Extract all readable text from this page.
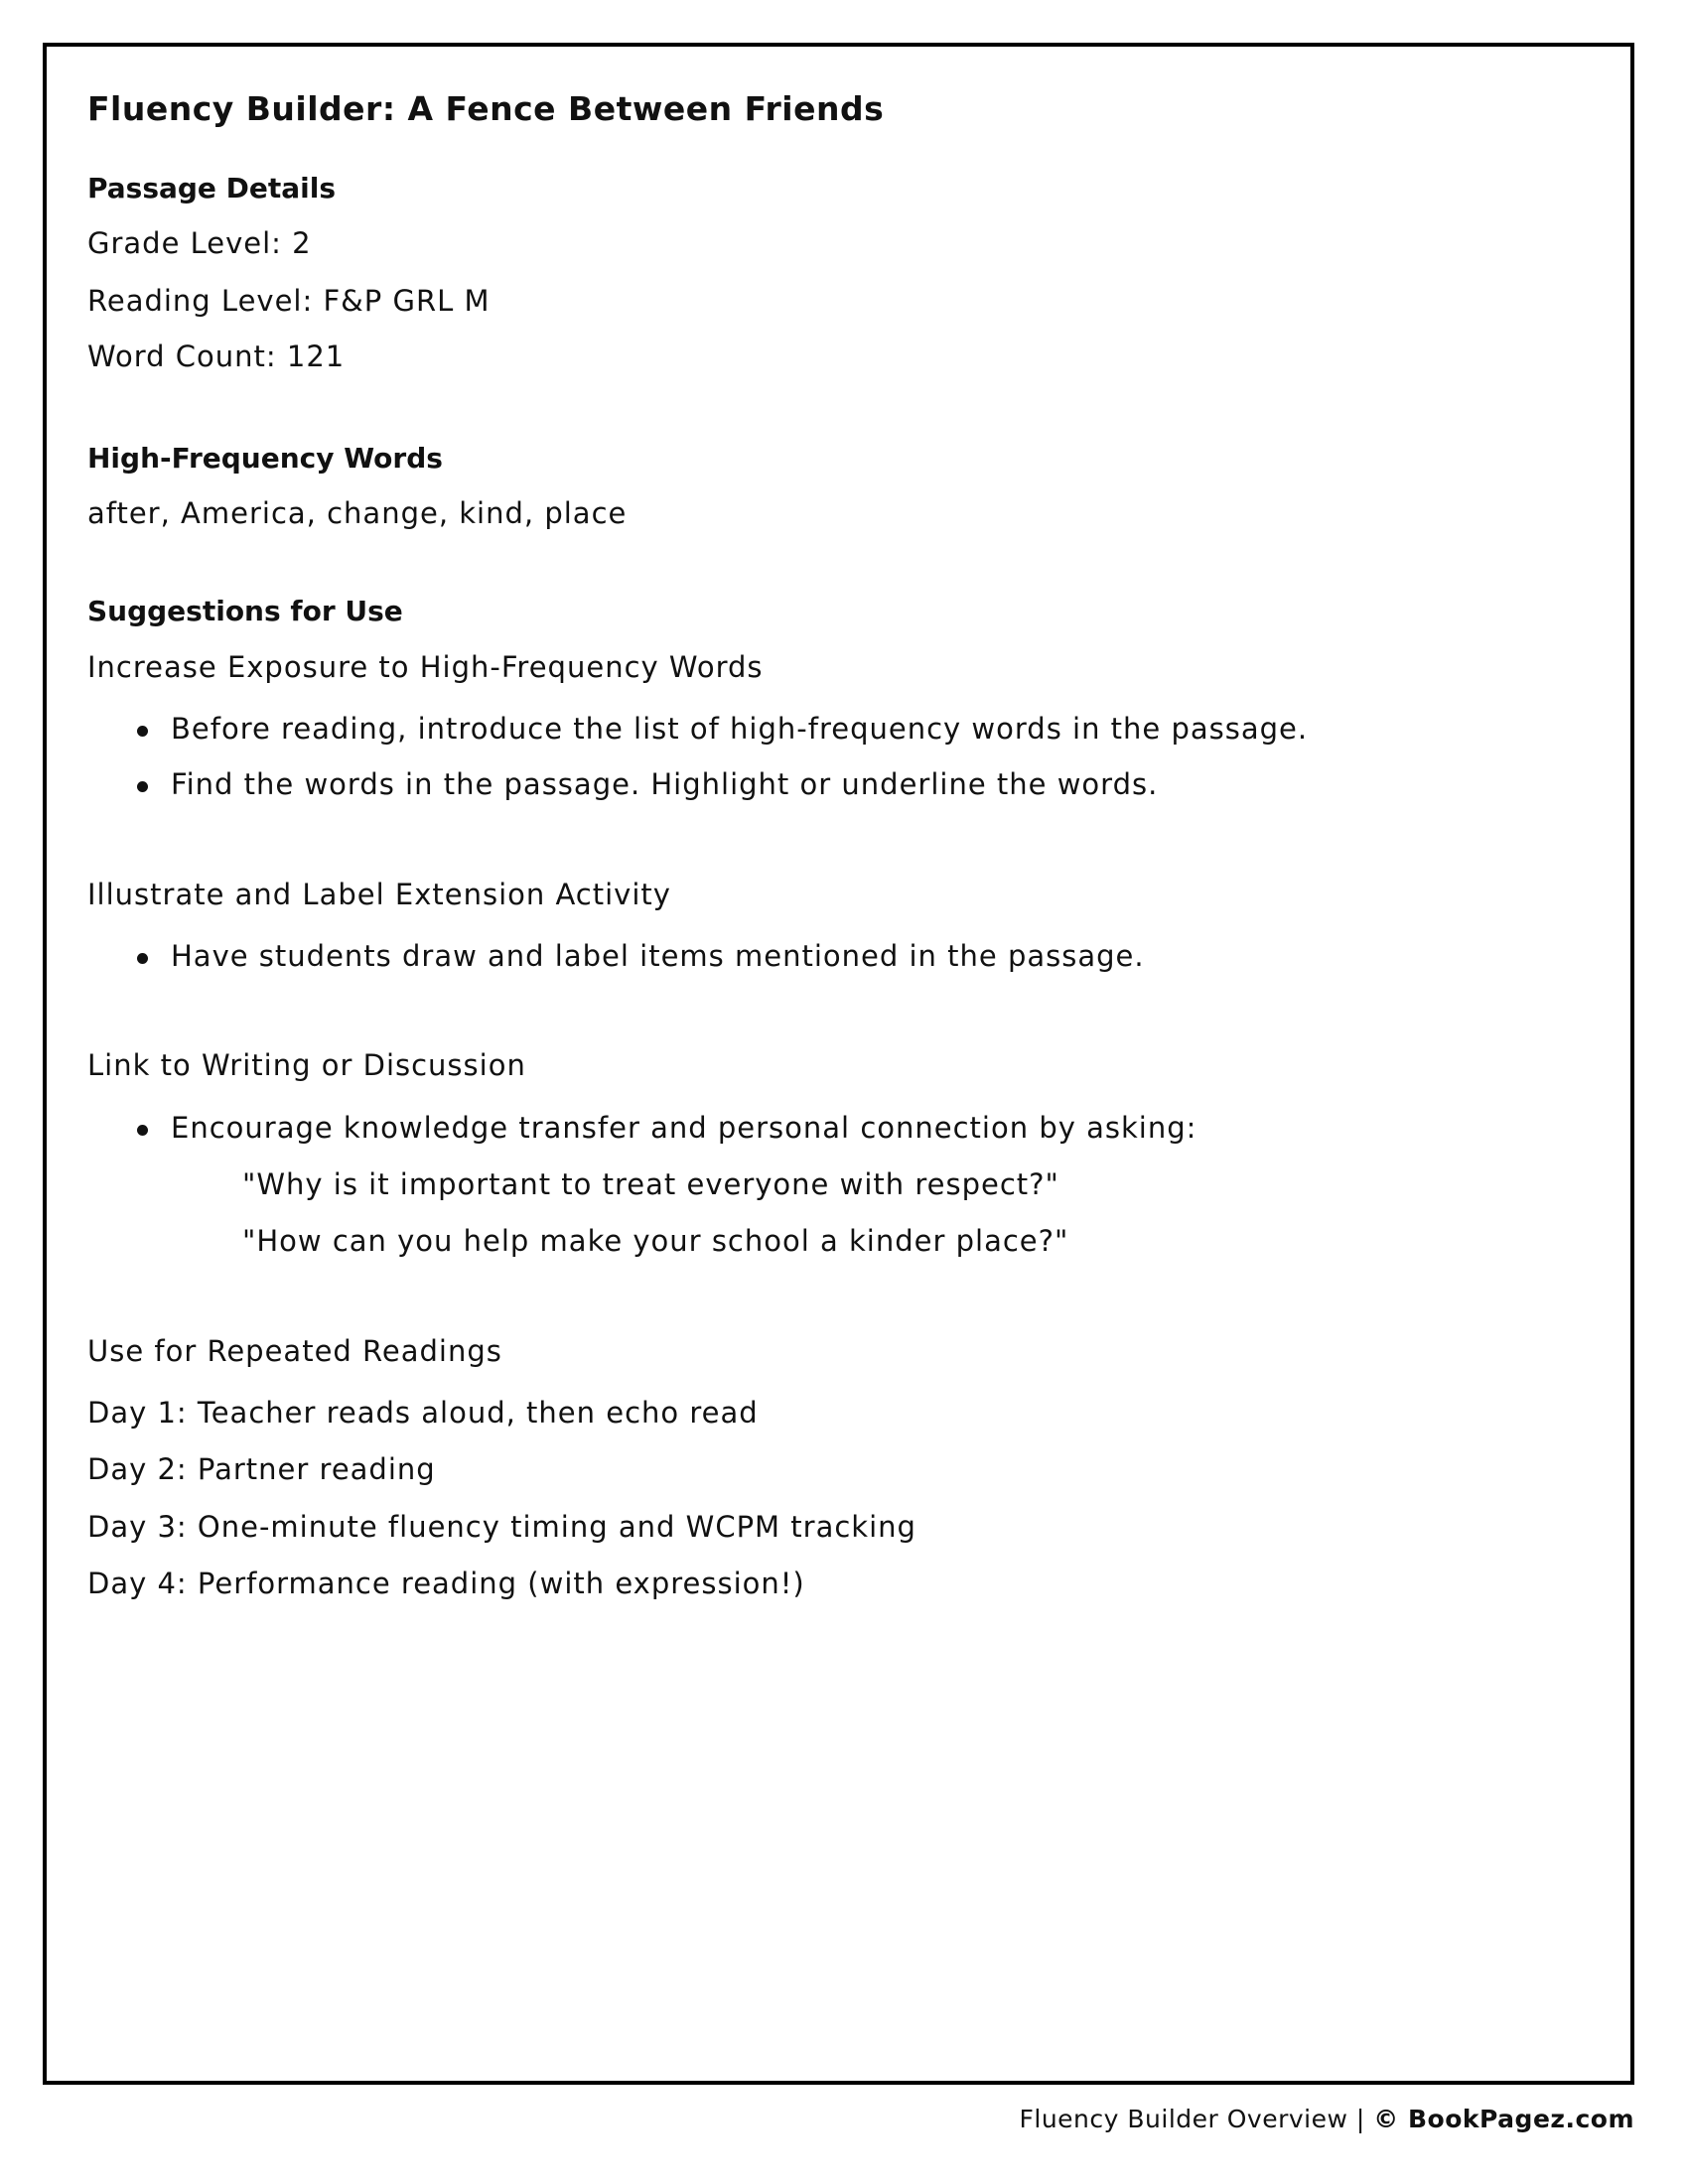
Fluency Builder: A Fence Between Friends
Passage Details
Grade Level: 2
Reading Level: F&P GRL M
Word Count: 121
High-Frequency Words
after, America, change, kind, place
Suggestions for Use
Increase Exposure to High-Frequency Words
Before reading, introduce the list of high-frequency words in the passage.
Find the words in the passage. Highlight or underline the words.
Illustrate and Label Extension Activity
Have students draw and label items mentioned in the passage.
Link to Writing or Discussion
Encourage knowledge transfer and personal connection by asking:
"Why is it important to treat everyone with respect?"
"How can you help make your school a kinder place?"
Use for Repeated Readings
Day 1: Teacher reads aloud, then echo read
Day 2: Partner reading
Day 3: One-minute fluency timing and WCPM tracking
Day 4: Performance reading (with expression!)
Fluency Builder Overview | © BookPagez.com
